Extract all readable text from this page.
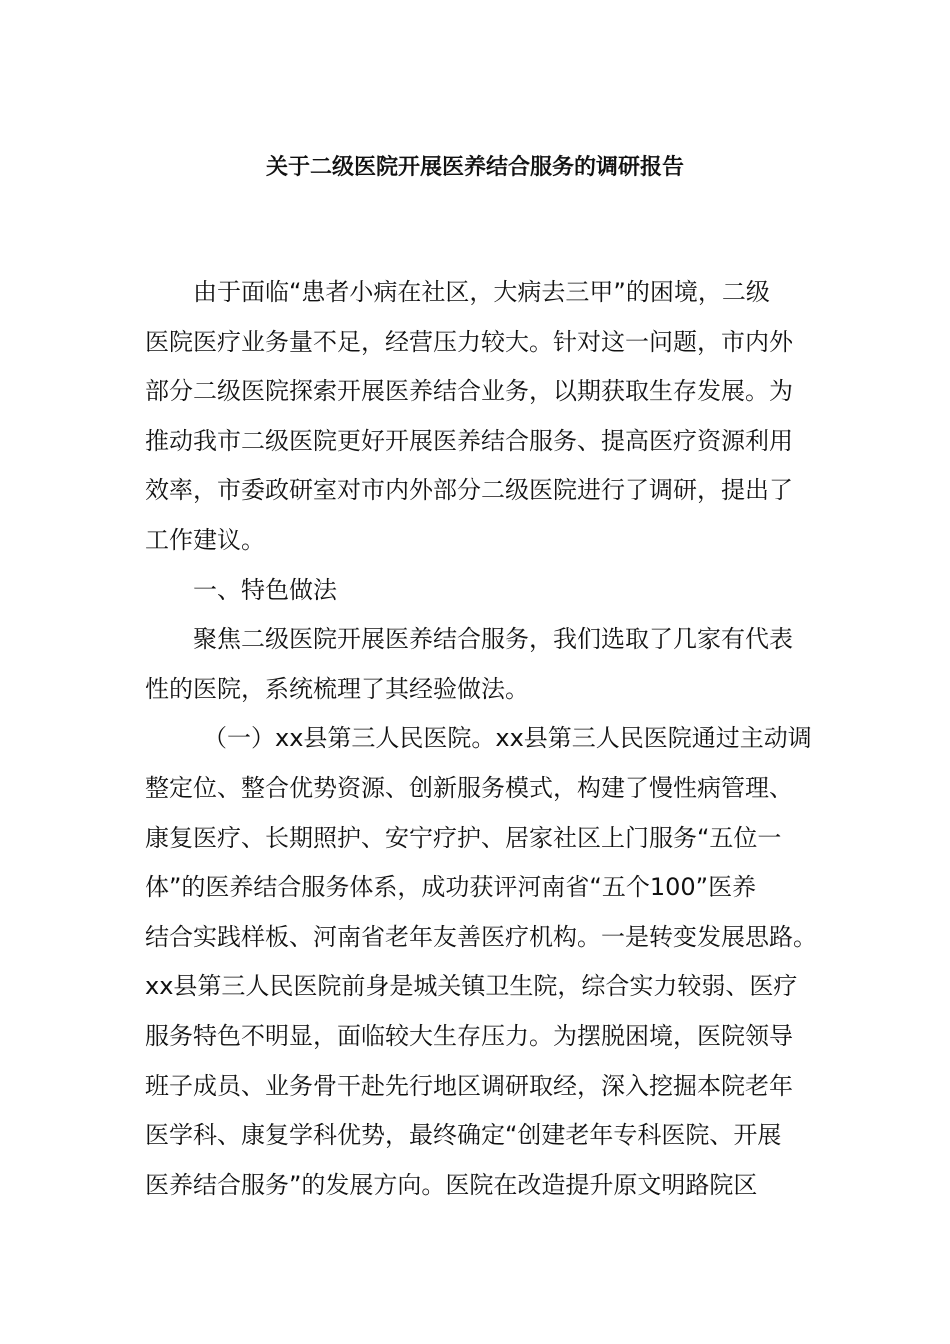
关于二级医院开展医养结合服务的调研报告
由于面临“患者小病在社区，大病去三甲”的困境，二级
医院医疗业务量不足，经营压力较大。针对这一问题，市内外
部分二级医院探索开展医养结合业务，以期获取生存发展。为
推动我市二级医院更好开展医养结合服务、提高医疗资源利用
效率，市委政研室对市内外部分二级医院进行了调研，提出了
工作建议。
一、特色做法
聚焦二级医院开展医养结合服务，我们选取了几家有代表
性的医院，系统梳理了其经验做法。
（一）xx县第三人民医院。xx县第三人民医院通过主动调
整定位、整合优势资源、创新服务模式，构建了慢性病管理、
康复医疗、长期照护、安宁疗护、居家社区上门服务“五位一
体”的医养结合服务体系，成功获评河南省“五个100”医养
结合实践样板、河南省老年友善医疗机构。一是转变发展思路。
xx县第三人民医院前身是城关镇卫生院，综合实力较弱、医疗
服务特色不明显，面临较大生存压力。为摆脱困境，医院领导
班子成员、业务骨干赴先行地区调研取经，深入挖掘本院老年
医学科、康复学科优势，最终确定“创建老年专科医院、开展
医养结合服务”的发展方向。医院在改造提升原文明路院区
